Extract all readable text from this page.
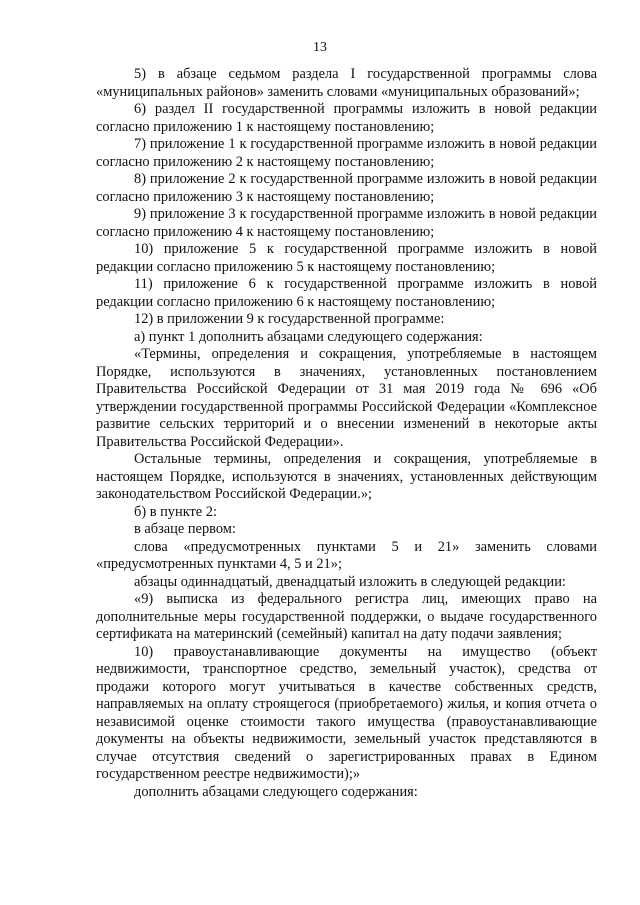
13

5) в абзаце седьмом раздела I государственной программы слова «муниципальных районов» заменить словами «муниципальных образований»;

6) раздел II государственной программы изложить в новой редакции согласно приложению 1 к настоящему постановлению;

7) приложение 1 к государственной программе изложить в новой редакции согласно приложению 2 к настоящему постановлению;

8) приложение 2 к государственной программе изложить в новой редакции согласно приложению 3 к настоящему постановлению;

9) приложение 3 к государственной программе изложить в новой редакции согласно приложению 4 к настоящему постановлению;

10) приложение 5 к государственной программе изложить в новой редакции согласно приложению 5 к настоящему постановлению;

11) приложение 6 к государственной программе изложить в новой редакции согласно приложению 6 к настоящему постановлению;

12) в приложении 9 к государственной программе:

а) пункт 1 дополнить абзацами следующего содержания:

«Термины, определения и сокращения, употребляемые в настоящем Порядке, используются в значениях, установленных постановлением Правительства Российской Федерации от 31 мая 2019 года № 696 «Об утверждении государственной программы Российской Федерации «Комплексное развитие сельских территорий и о внесении изменений в некоторые акты Правительства Российской Федерации».

Остальные термины, определения и сокращения, употребляемые в настоящем Порядке, используются в значениях, установленных действующим законодательством Российской Федерации.»;

б) в пункте 2:

в абзаце первом:

слова «предусмотренных пунктами 5 и 21» заменить словами «предусмотренных пунктами 4, 5 и 21»;

абзацы одиннадцатый, двенадцатый изложить в следующей редакции:

«9) выписка из федерального регистра лиц, имеющих право на дополнительные меры государственной поддержки, о выдаче государственного сертификата на материнский (семейный) капитал на дату подачи заявления;

10) правоустанавливающие документы на имущество (объект недвижимости, транспортное средство, земельный участок), средства от продажи которого могут учитываться в качестве собственных средств, направляемых на оплату строящегося (приобретаемого) жилья, и копия отчета о независимой оценке стоимости такого имущества (правоустанавливающие документы на объекты недвижимости, земельный участок представляются в случае отсутствия сведений о зарегистрированных правах в Едином государственном реестре недвижимости);»

дополнить абзацами следующего содержания:
